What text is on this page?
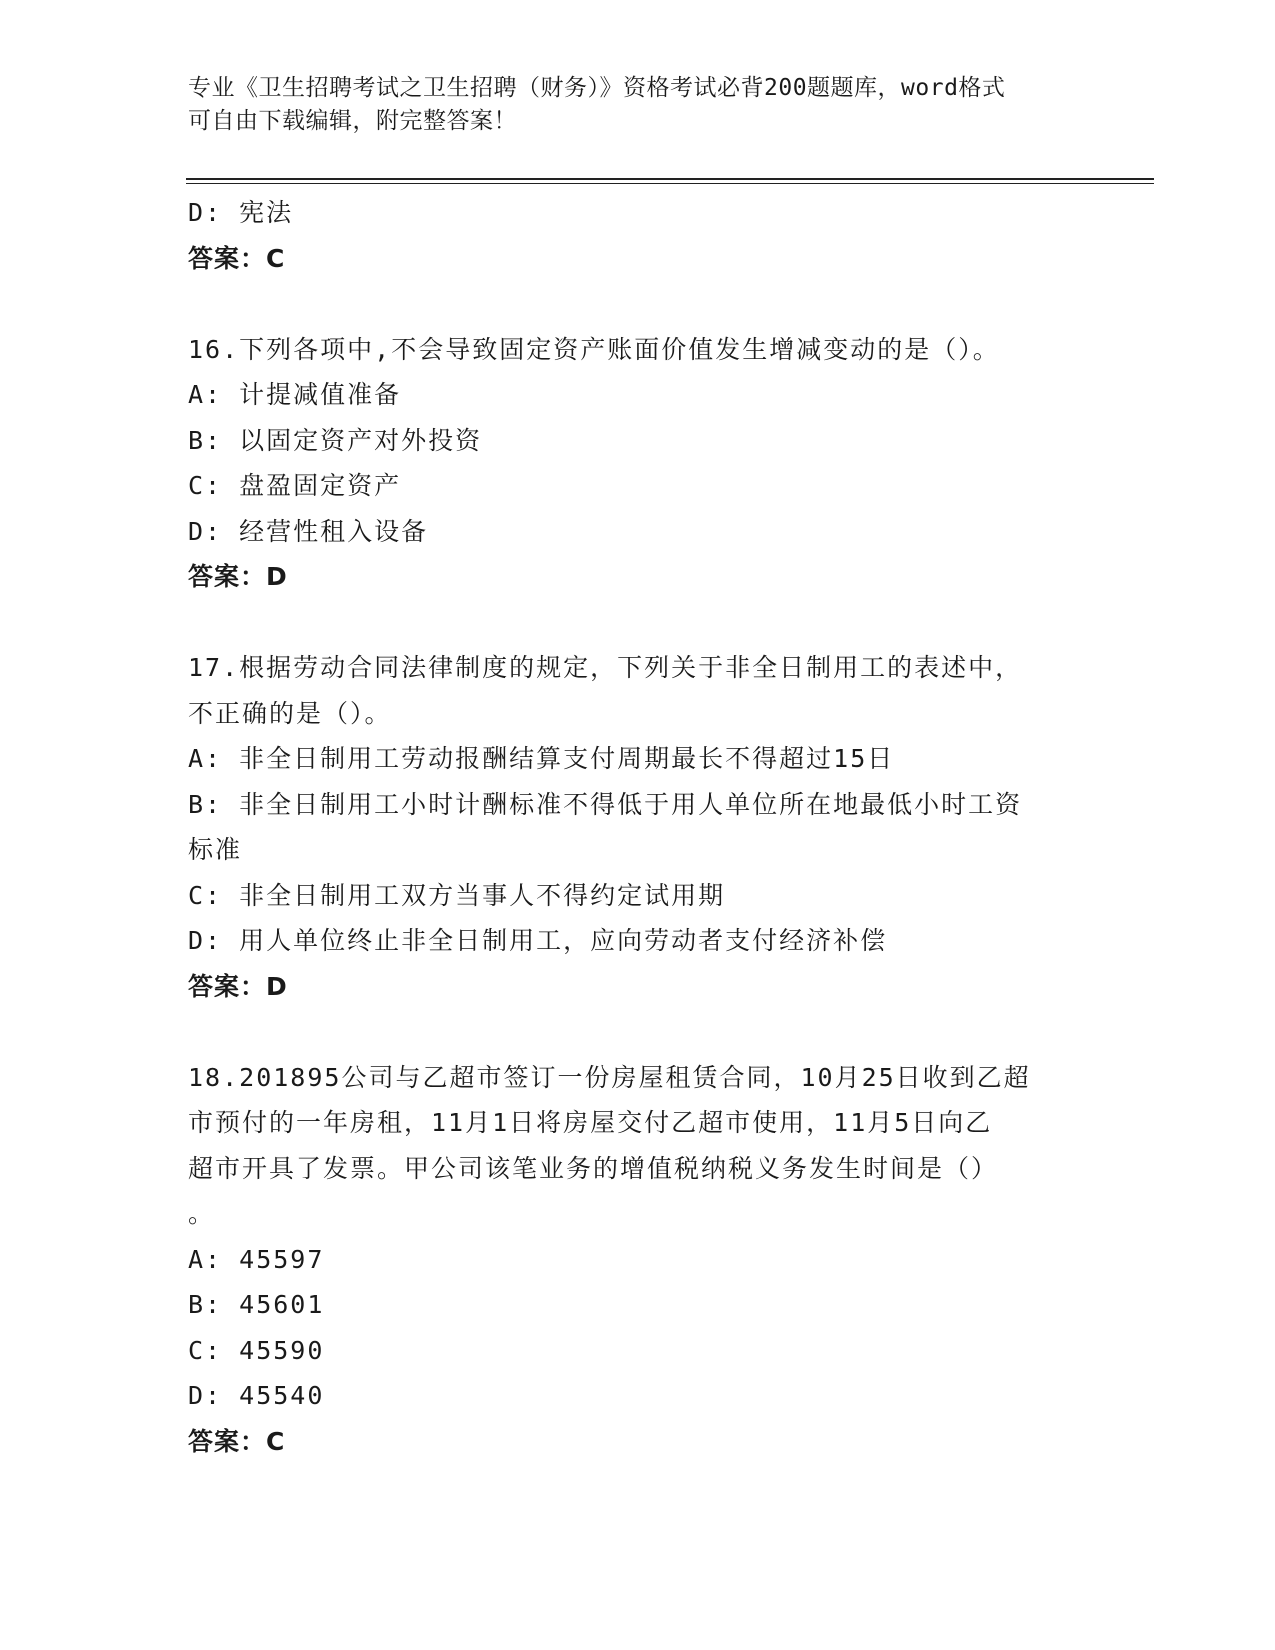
专业《卫生招聘考试之卫生招聘（财务）》资格考试必背200题题库，word格式
可自由下载编辑，附完整答案！
D: 宪法
答案：C
16.下列各项中,不会导致固定资产账面价值发生增减变动的是（）。
A: 计提减值准备
B: 以固定资产对外投资
C: 盘盈固定资产
D: 经营性租入设备
答案：D
17.根据劳动合同法律制度的规定，下列关于非全日制用工的表述中，
不正确的是（）。
A: 非全日制用工劳动报酬结算支付周期最长不得超过15日
B: 非全日制用工小时计酬标准不得低于用人单位所在地最低小时工资
标准
C: 非全日制用工双方当事人不得约定试用期
D: 用人单位终止非全日制用工，应向劳动者支付经济补偿
答案：D
18.201895公司与乙超市签订一份房屋租赁合同，10月25日收到乙超
市预付的一年房租，11月1日将房屋交付乙超市使用，11月5日向乙
超市开具了发票。甲公司该笔业务的增值税纳税义务发生时间是（）
。
A: 45597
B: 45601
C: 45590
D: 45540
答案：C
